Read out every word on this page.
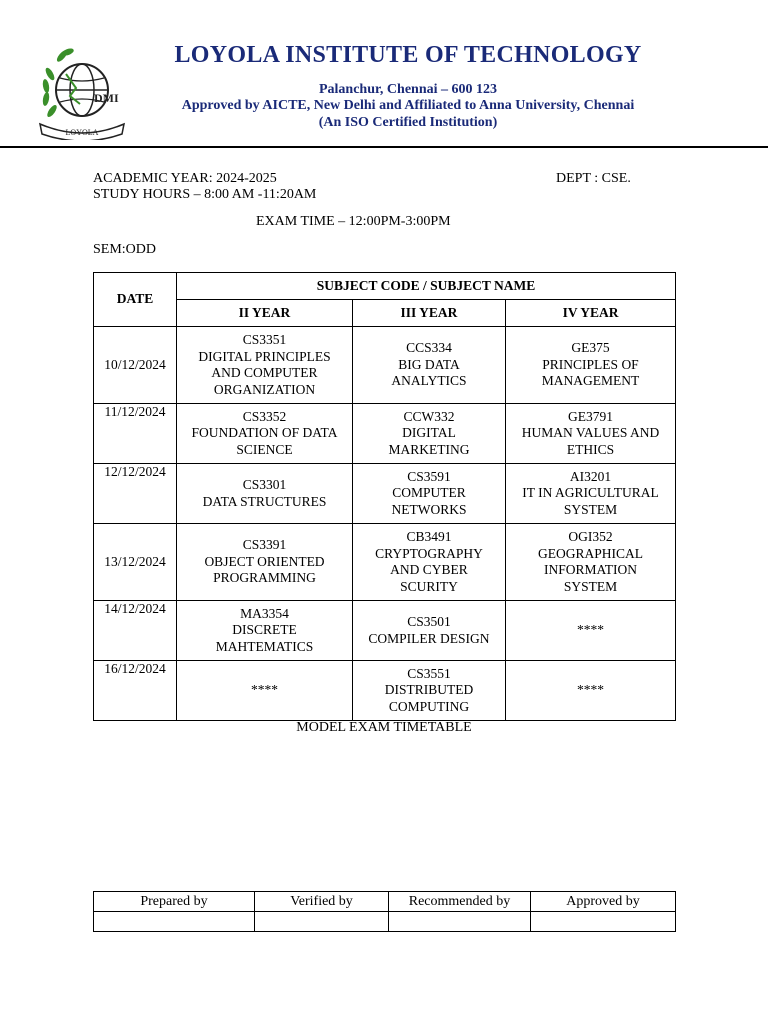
DMI
LOYOLA
LOYOLA INSTITUTE OF TECHNOLOGY
Palanchur, Chennai – 600 123
Approved by AICTE, New Delhi and Affiliated to Anna University, Chennai
(An ISO Certified Institution)
ACADEMIC YEAR: 2024-2025	DEPT : CSE.
STUDY HOURS – 8:00 AM -11:20AM
EXAM TIME – 12:00PM-3:00PM
SEM:ODD
DATE	SUBJECT CODE / SUBJECT NAME		
	II YEAR	III YEAR	IV YEAR
10/12/2024	CS3351
DIGITAL PRINCIPLES
AND COMPUTER
ORGANIZATION	CCS334
BIG DATA
ANALYTICS	GE375
PRINCIPLES OF
MANAGEMENT
11/12/2024	CS3352
FOUNDATION OF DATA
SCIENCE	CCW332
DIGITAL
MARKETING	GE3791
HUMAN VALUES AND
ETHICS
12/12/2024	CS3301
DATA STRUCTURES	CS3591
COMPUTER
NETWORKS	AI3201
IT IN AGRICULTURAL
SYSTEM
13/12/2024	CS3391
OBJECT ORIENTED
PROGRAMMING	CB3491
CRYPTOGRAPHY
AND CYBER
SCURITY	OGI352
GEOGRAPHICAL
INFORMATION
SYSTEM
14/12/2024	MA3354
DISCRETE
MAHTEMATICS	CS3501
COMPILER DESIGN	****
16/12/2024	****	CS3551
DISTRIBUTED
COMPUTING	****
MODEL EXAM TIMETABLE
Prepared by	Verified by	Recommended by	Approved by
